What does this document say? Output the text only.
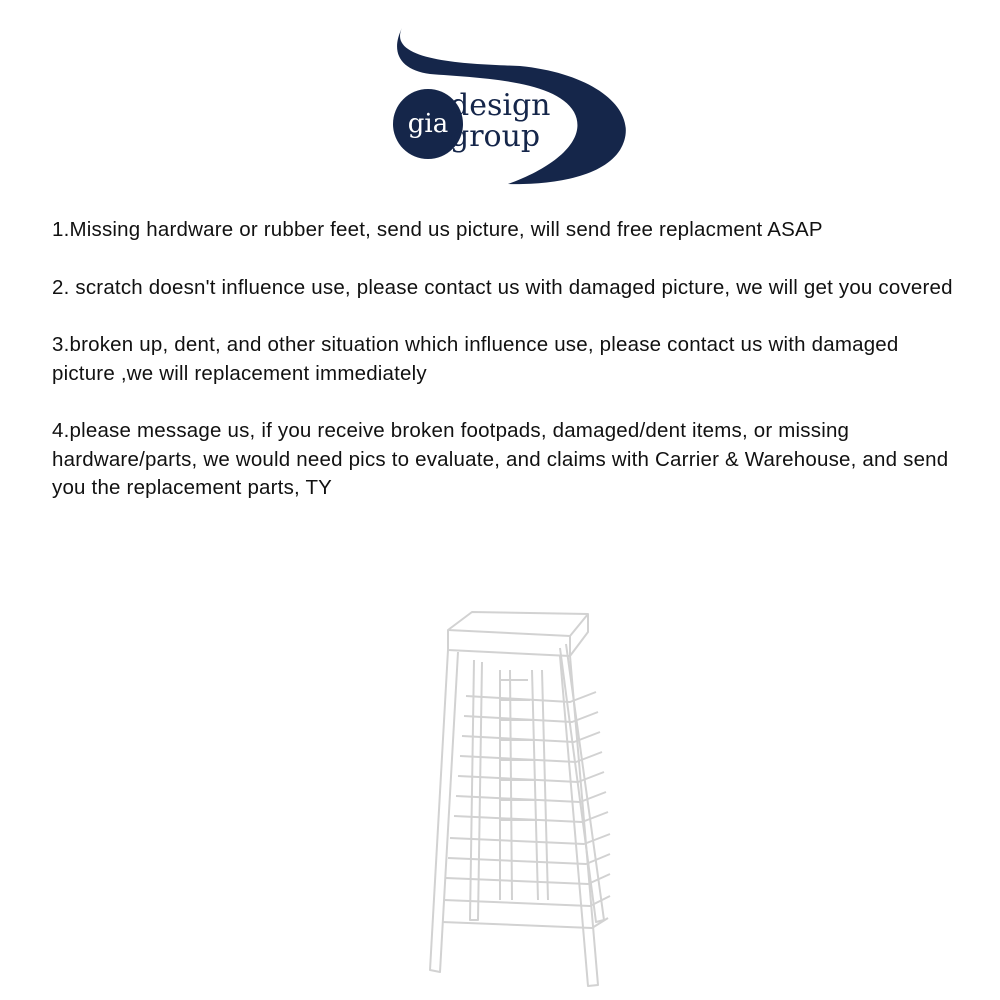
gia
design
group

1.Missing hardware or rubber feet, send us picture, will send free replacment ASAP

2. scratch doesn't influence use, please contact us with damaged picture, we will get you covered

3.broken up, dent, and other situation which influence use, please contact us with damaged picture ,we will replacement immediately

4.please message us, if you receive broken footpads, damaged/dent items, or missing hardware/parts, we would need pics to evaluate, and claims with Carrier & Warehouse, and send you the replacement parts, TY
